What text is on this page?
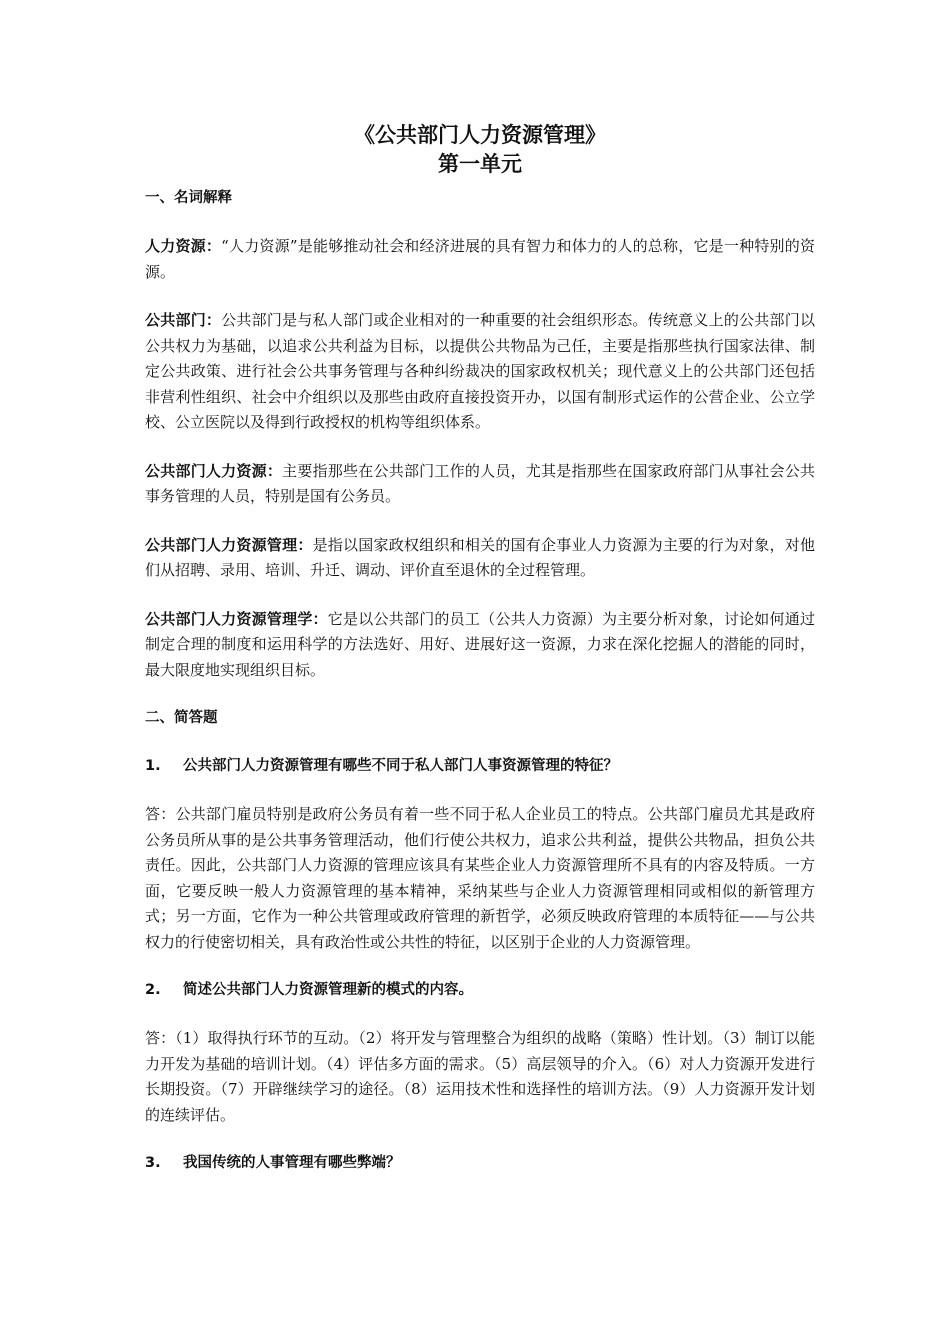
《公共部门人力资源管理》

第一单元

一、名词解释

人力资源：“人力资源”是能够推动社会和经济进展的具有智力和体力的人的总称，它是一种特别的资源。

公共部门：公共部门是与私人部门或企业相对的一种重要的社会组织形态。传统意义上的公共部门以公共权力为基础，以追求公共利益为目标，以提供公共物品为己任，主要是指那些执行国家法律、制定公共政策、进行社会公共事务管理与各种纠纷裁决的国家政权机关；现代意义上的公共部门还包括非营利性组织、社会中介组织以及那些由政府直接投资开办，以国有制形式运作的公营企业、公立学校、公立医院以及得到行政授权的机构等组织体系。

公共部门人力资源：主要指那些在公共部门工作的人员，尤其是指那些在国家政府部门从事社会公共事务管理的人员，特别是国有公务员。

公共部门人力资源管理：是指以国家政权组织和相关的国有企事业人力资源为主要的行为对象，对他们从招聘、录用、培训、升迁、调动、评价直至退休的全过程管理。

公共部门人力资源管理学：它是以公共部门的员工（公共人力资源）为主要分析对象，讨论如何通过制定合理的制度和运用科学的方法选好、用好、进展好这一资源，力求在深化挖掘人的潜能的同时，最大限度地实现组织目标。

二、简答题

1. 公共部门人力资源管理有哪些不同于私人部门人事资源管理的特征？

答：公共部门雇员特别是政府公务员有着一些不同于私人企业员工的特点。公共部门雇员尤其是政府公务员所从事的是公共事务管理活动，他们行使公共权力，追求公共利益，提供公共物品，担负公共责任。因此，公共部门人力资源的管理应该具有某些企业人力资源管理所不具有的内容及特质。一方面，它要反映一般人力资源管理的基本精神，采纳某些与企业人力资源管理相同或相似的新管理方式；另一方面，它作为一种公共管理或政府管理的新哲学，必须反映政府管理的本质特征——与公共权力的行使密切相关，具有政治性或公共性的特征，以区别于企业的人力资源管理。

2. 简述公共部门人力资源管理新的模式的内容。

答：（1）取得执行环节的互动。（2）将开发与管理整合为组织的战略（策略）性计划。（3）制订以能力开发为基础的培训计划。（4）评估多方面的需求。（5）高层领导的介入。（6）对人力资源开发进行长期投资。（7）开辟继续学习的途径。（8）运用技术性和选择性的培训方法。（9）人力资源开发计划的连续评估。

3. 我国传统的人事管理有哪些弊端？
